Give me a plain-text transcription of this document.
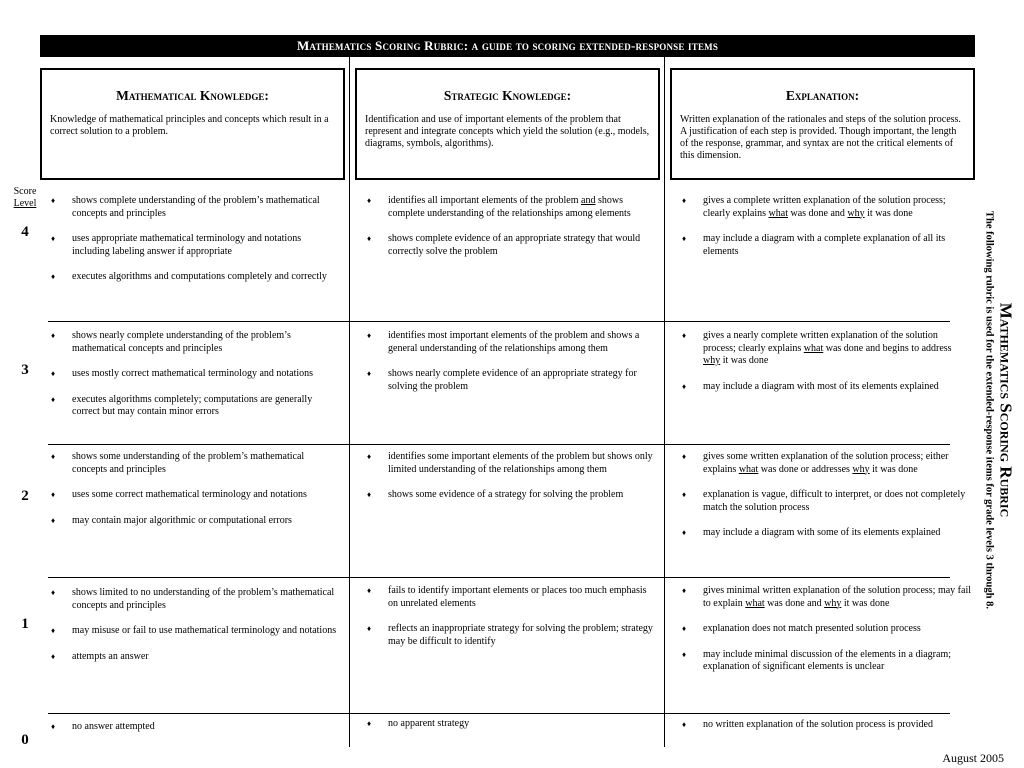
Mathematics Scoring Rubric: a guide to scoring extended-response items
Mathematical Knowledge:
Knowledge of mathematical principles and concepts which result in a correct solution to a problem.
Strategic Knowledge:
Identification and use of important elements of the problem that represent and integrate concepts which yield the solution (e.g., models, diagrams, symbols, algorithms).
Explanation:
Written explanation of the rationales and steps of the solution process. A justification of each step is provided. Though important, the length of the response, grammar, and syntax are not the critical elements of this dimension.
Score
Level
4
3
2
1
0
♦ shows complete understanding of the problem’s mathematical concepts and principles
♦ uses appropriate mathematical terminology and notations including labeling answer if appropriate
♦ executes algorithms and computations completely and correctly
♦ identifies all important elements of the problem and shows complete understanding of the relationships among elements
♦ shows complete evidence of an appropriate strategy that would correctly solve the problem
♦ gives a complete written explanation of the solution process; clearly explains what was done and why it was done
♦ may include a diagram with a complete explanation of all its elements
♦ shows nearly complete understanding of the problem’s mathematical concepts and principles
♦ uses mostly correct mathematical terminology and notations
♦ executes algorithms completely; computations are generally correct but may contain minor errors
♦ identifies most important elements of the problem and shows a general understanding of the relationships among them
♦ shows nearly complete evidence of an appropriate strategy for solving the problem
♦ gives a nearly complete written explanation of the solution process; clearly explains what was done and begins to address why it was done
♦ may include a diagram with most of its elements explained
♦ shows some understanding of the problem’s mathematical concepts and principles
♦ uses some correct mathematical terminology and notations
♦ may contain major algorithmic or computational errors
♦ identifies some important elements of the problem but shows only limited understanding of the relationships among them
♦ shows some evidence of a strategy for solving the problem
♦ gives some written explanation of the solution process; either explains what was done or addresses why it was done
♦ explanation is vague, difficult to interpret, or does not completely match the solution process
♦ may include a diagram with some of its elements explained
♦ shows limited to no understanding of the problem’s mathematical concepts and principles
♦ may misuse or fail to use mathematical terminology and notations
♦ attempts an answer
♦ fails to identify important elements or places too much emphasis on unrelated elements
♦ reflects an inappropriate strategy for solving the problem; strategy may be difficult to identify
♦ gives minimal written explanation of the solution process; may fail to explain what was done and why it was done
♦ explanation does not match presented solution process
♦ may include minimal discussion of the elements in a diagram; explanation of significant elements is unclear
♦ no answer attempted	♦ no apparent strategy	♦ no written explanation of the solution process is provided
Mathematics Scoring Rubric
The following rubric is used for the extended-response items for grade levels 3 through 8.
August 2005
